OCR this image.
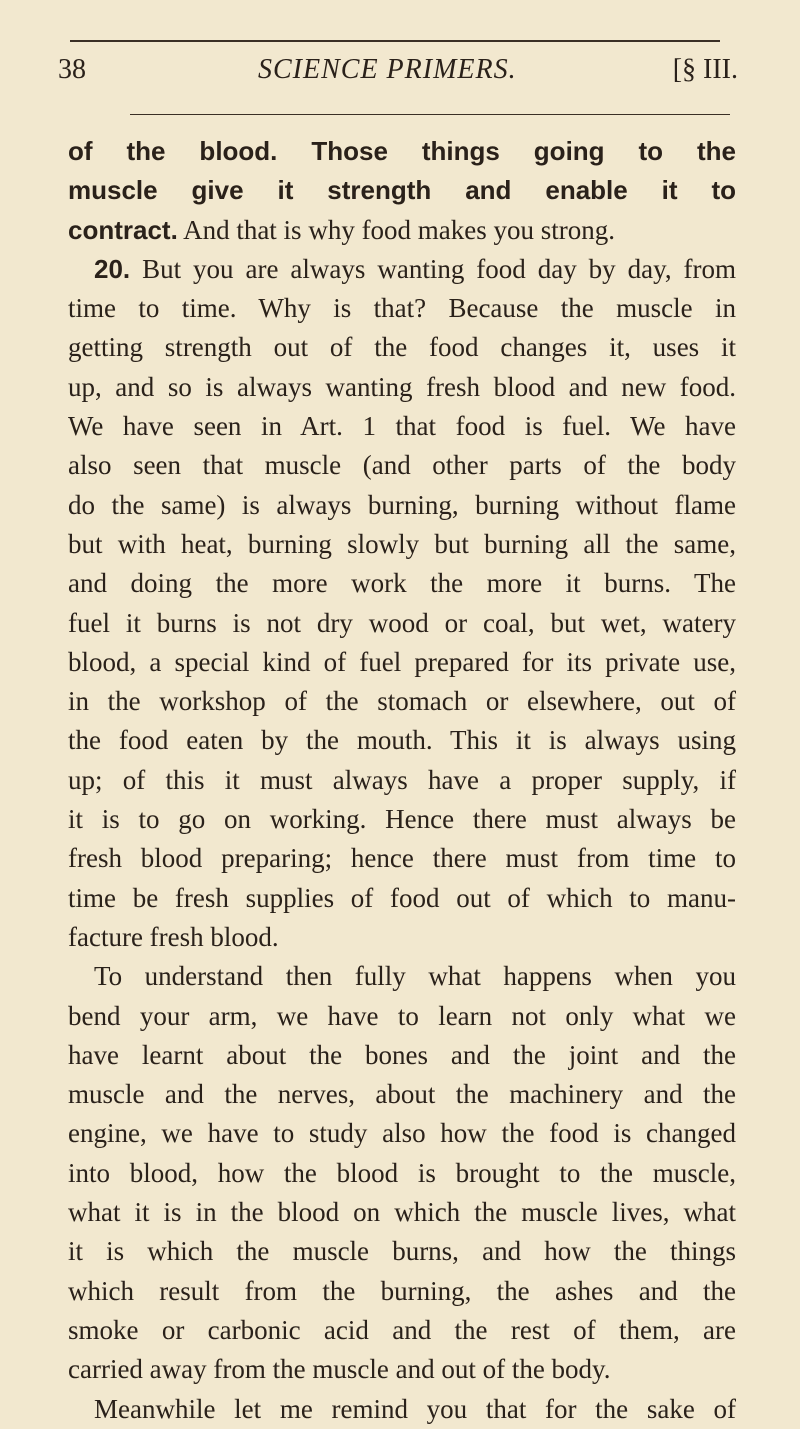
38	SCIENCE PRIMERS.	[§ III.
of the blood. Those things going to the
muscle give it strength and enable it to
contract. And that is why food makes you strong.
20. But you are always wanting food day by day, from
time to time. Why is that? Because the muscle in
getting strength out of the food changes it, uses it
up, and so is always wanting fresh blood and new food.
We have seen in Art. 1 that food is fuel. We have
also seen that muscle (and other parts of the body
do the same) is always burning, burning without flame
but with heat, burning slowly but burning all the same,
and doing the more work the more it burns. The
fuel it burns is not dry wood or coal, but wet, watery
blood, a special kind of fuel prepared for its private use,
in the workshop of the stomach or elsewhere, out of
the food eaten by the mouth. This it is always using
up; of this it must always have a proper supply, if
it is to go on working. Hence there must always be
fresh blood preparing; hence there must from time to
time be fresh supplies of food out of which to manu-
facture fresh blood.
To understand then fully what happens when you
bend your arm, we have to learn not only what we
have learnt about the bones and the joint and the
muscle and the nerves, about the machinery and the
engine, we have to study also how the food is changed
into blood, how the blood is brought to the muscle,
what it is in the blood on which the muscle lives, what
it is which the muscle burns, and how the things
which result from the burning, the ashes and the
smoke or carbonic acid and the rest of them, are
carried away from the muscle and out of the body.
Meanwhile let me remind you that for the sake of
